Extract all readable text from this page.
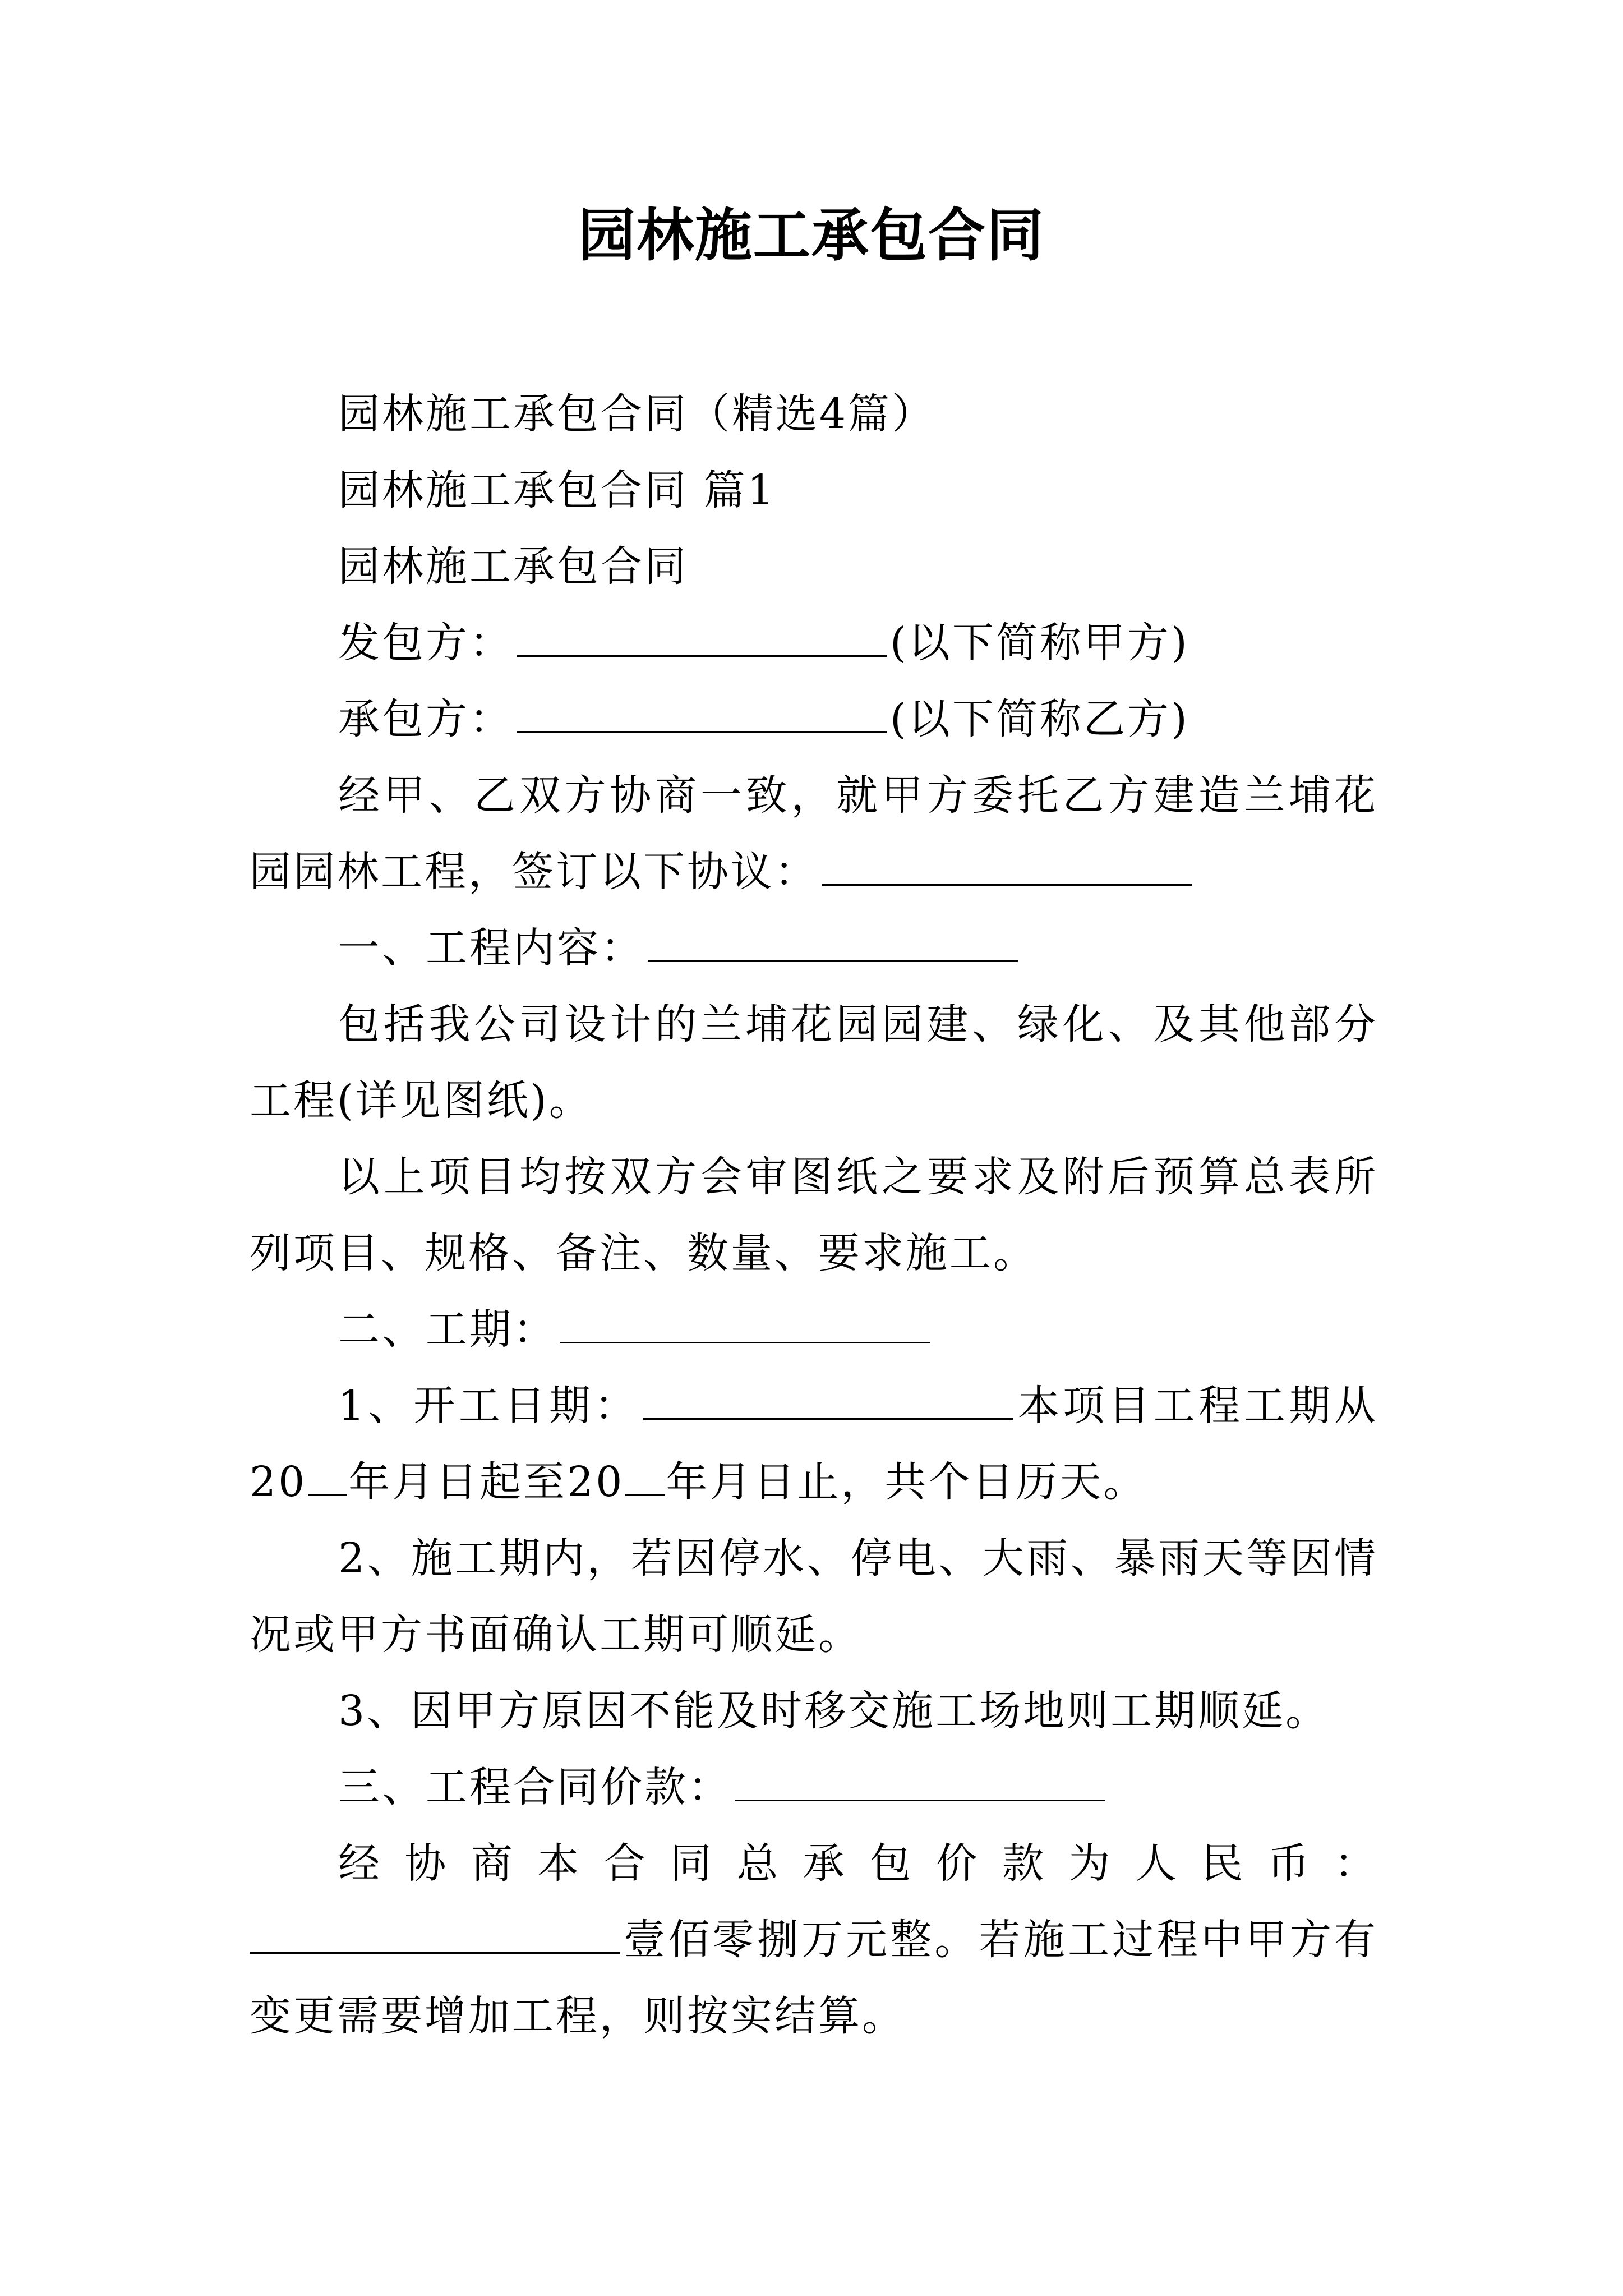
园林施工承包合同

园林施工承包合同（精选4篇）

园林施工承包合同 篇1

园林施工承包合同

发包方：	(以下简称甲方)

承包方：	(以下简称乙方)

经甲、乙双方协商一致，就甲方委托乙方建造兰埔花园园林工程，签订以下协议：

一、工程内容：

包括我公司设计的兰埔花园园建、绿化、及其他部分工程(详见图纸)。

以上项目均按双方会审图纸之要求及附后预算总表所列项目、规格、备注、数量、要求施工。

二、工期：

1、开工日期：	本项目工程工期从20 年月日起至20 年月日止，共个日历天。

2、施工期内，若因停水、停电、大雨、暴雨天等因情况或甲方书面确认工期可顺延。

3、因甲方原因不能及时移交施工场地则工期顺延。

三、工程合同价款：

经协商本合同总承包价款为人民币：

壹佰零捌万元整。若施工过程中甲方有变更需要增加工程，则按实结算。
